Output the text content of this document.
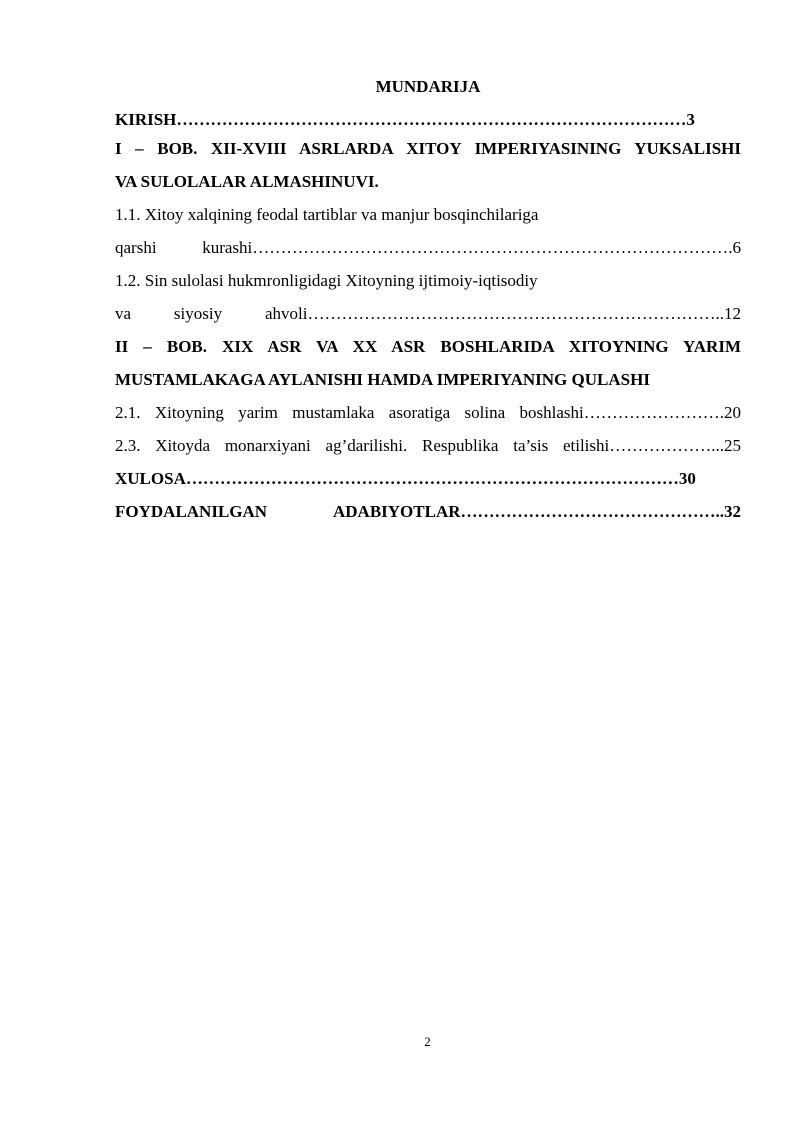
MUNDARIJA
KIRISH………………………………………………………………………………3
I – BOB. XII-XVIII ASRLARDA XITOY IMPERIYASINING YUKSALISHI
VA SULOLALAR ALMASHINUVI.
1.1. Xitoy xalqining feodal tartiblar va manjur bosqinchilariga
qarshi kurashi………………………………………………………………………….6
1.2. Sin sulolasi hukmronligidagi Xitoyning ijtimoiy-iqtisodiy
va siyosiy ahvoli………………………………………………………………..12
II – BOB. XIX ASR VA XX ASR BOSHLARIDA XITOYNING YARIM
MUSTAMLAKAGA AYLANISHI HAMDA IMPERIYANING QULASHI
2.1. Xitoyning yarim mustamlaka asoratiga solina boshlashi…………………….20
2.3. Xitoyda monarxiyani ag’darilishi. Respublika ta’sis etilishi………………...25
XULOSA……………………………………………………………………………30
FOYDALANILGAN ADABIYOTLAR………………………………………..32
2
